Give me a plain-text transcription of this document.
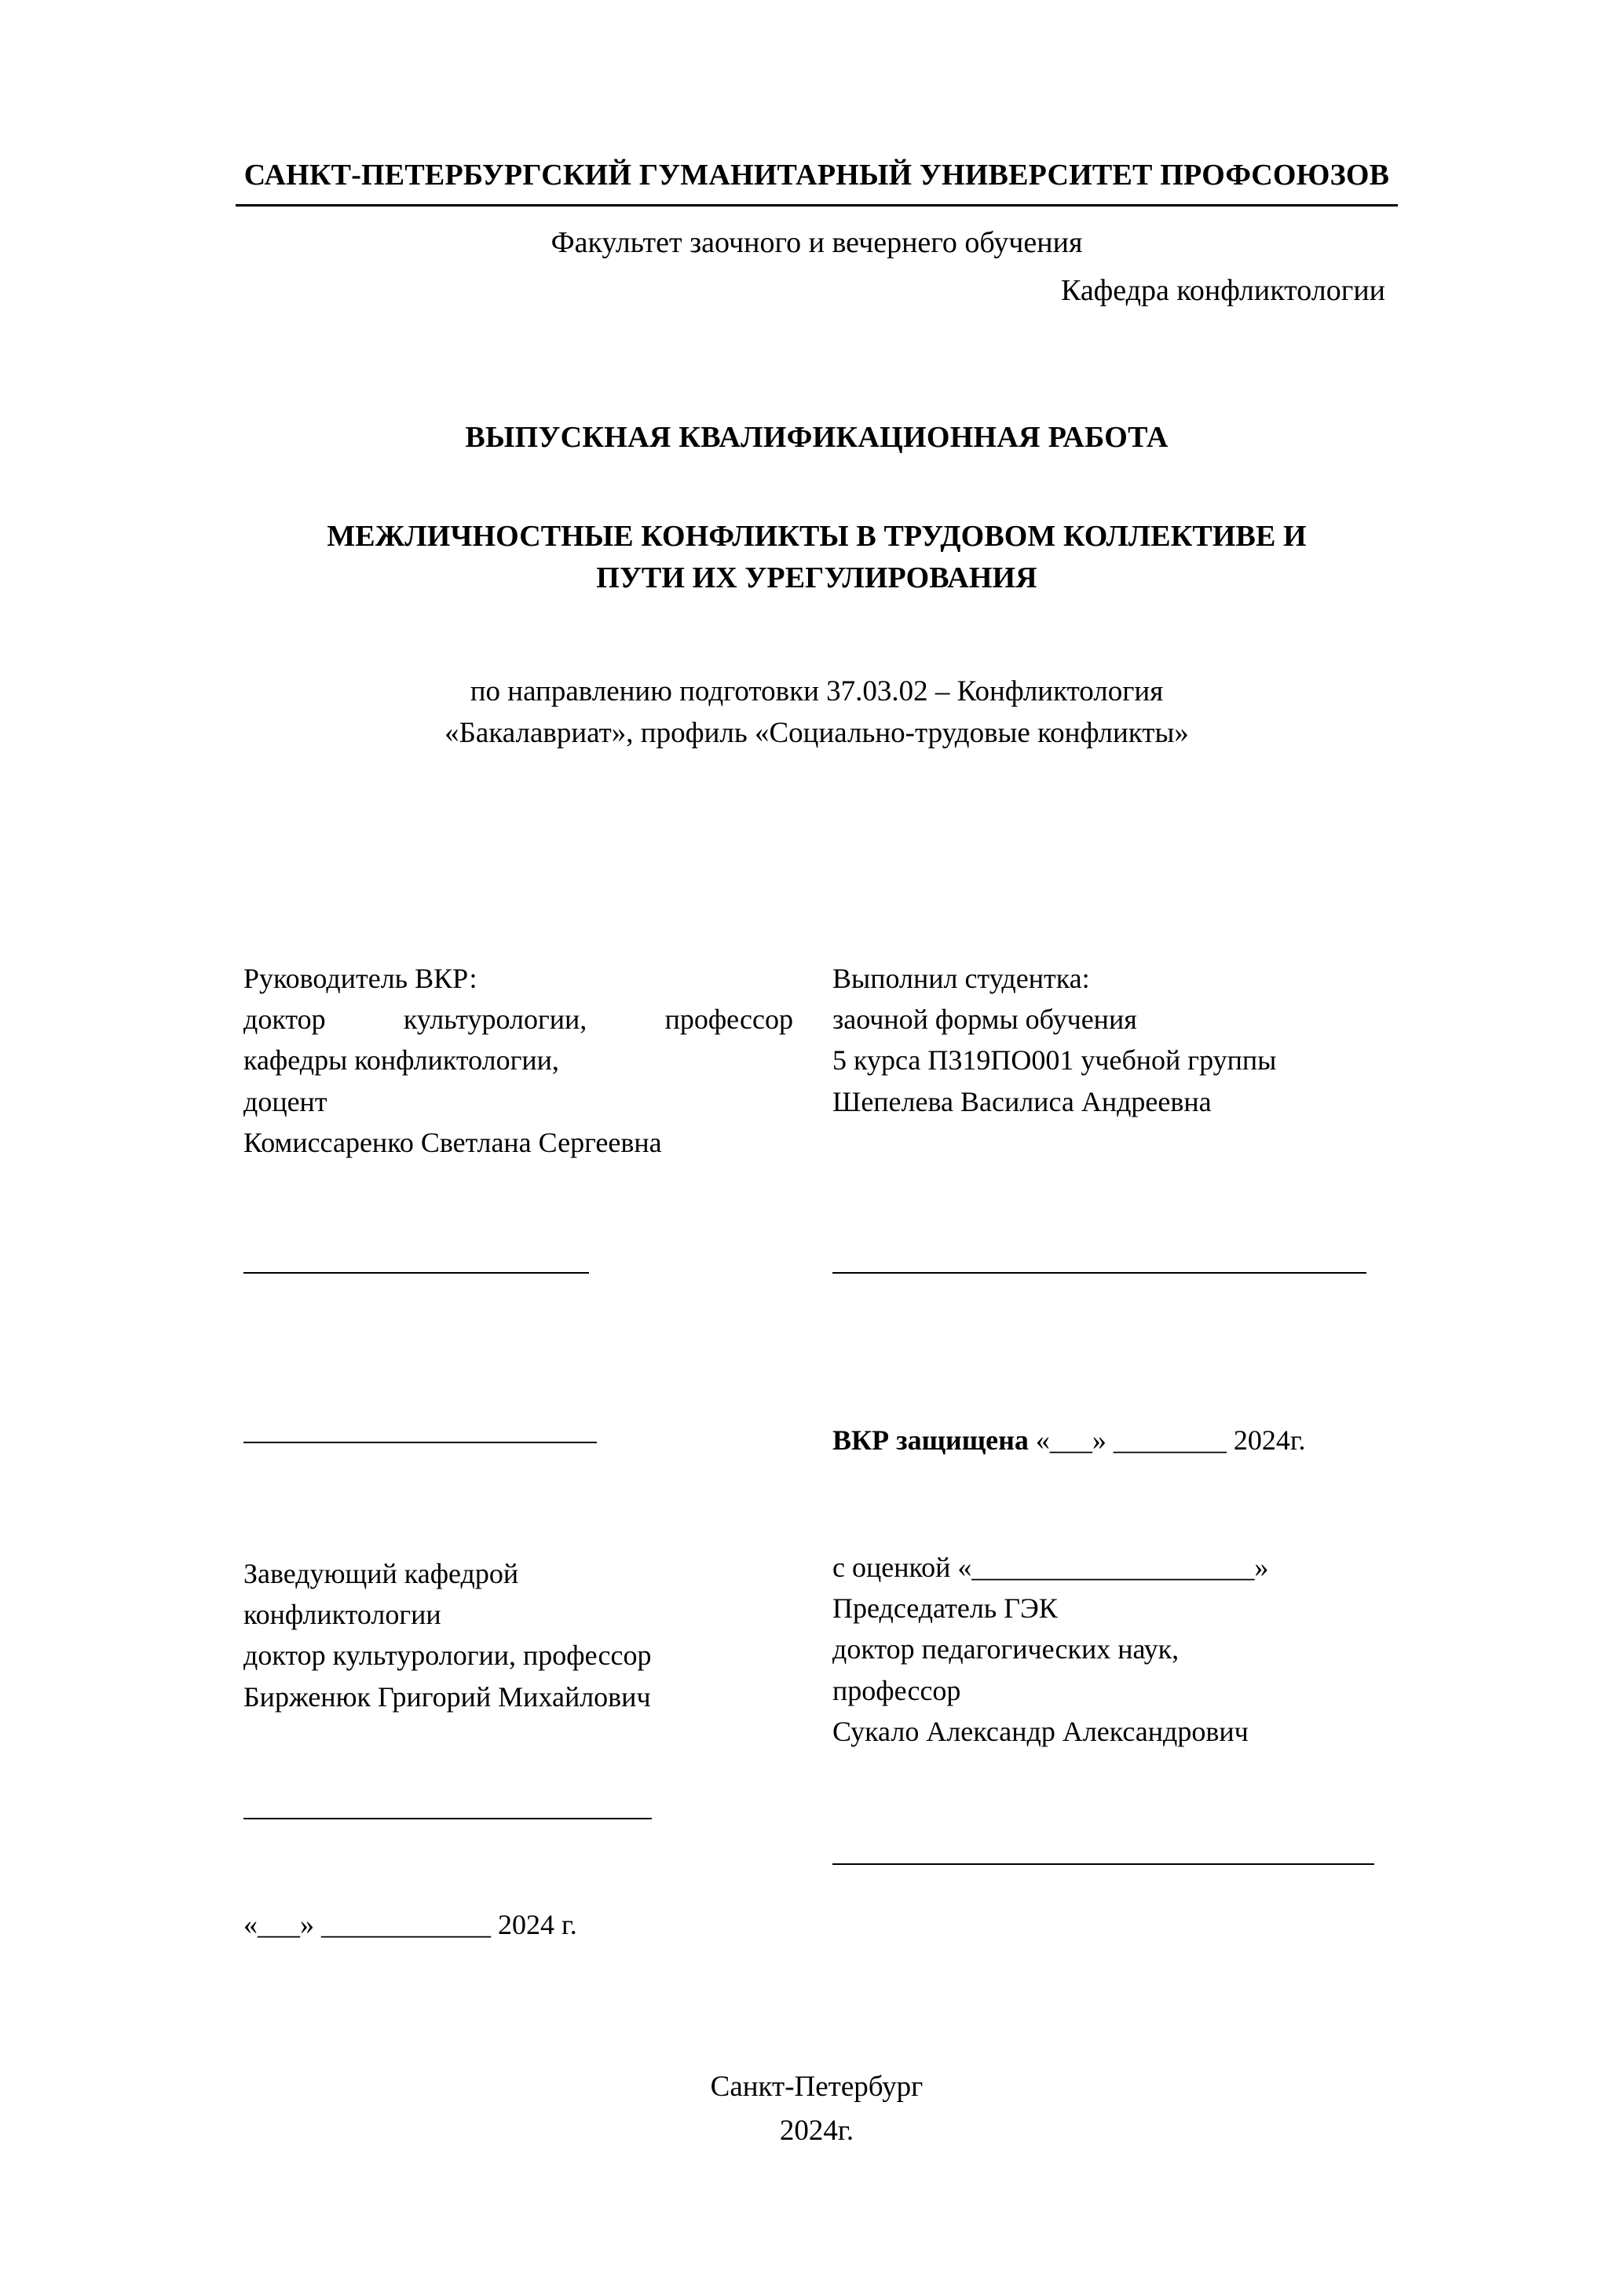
САНКТ-ПЕТЕРБУРГСКИЙ ГУМАНИТАРНЫЙ УНИВЕРСИТЕТ ПРОФСОЮЗОВ
Факультет заочного и вечернего обучения
Кафедра конфликтологии
ВЫПУСКНАЯ КВАЛИФИКАЦИОННАЯ РАБОТА
МЕЖЛИЧНОСТНЫЕ КОНФЛИКТЫ В ТРУДОВОМ КОЛЛЕКТИВЕ И
ПУТИ ИХ УРЕГУЛИРОВАНИЯ
по направлению подготовки 37.03.02 – Конфликтология
«Бакалавриат», профиль «Социально-трудовые конфликты»
Руководитель ВКР:
доктор культурологии, профессор
кафедры конфликтологии,
доцент
Комиссаренко Светлана Сергеевна
Выполнил студентка:
заочной формы обучения
5 курса П319ПО001 учебной группы
Шепелева Василиса Андреевна
ВКР защищена «___» ________ 2024г.
Заведующий кафедрой
конфликтологии
доктор культурологии, профессор
Бирженюк Григорий Михайлович
с оценкой «____________________»
Председатель ГЭК
доктор педагогических наук,
профессор
Сукало Александр Александрович
«___» ____________ 2024 г.
Санкт-Петербург
2024г.
